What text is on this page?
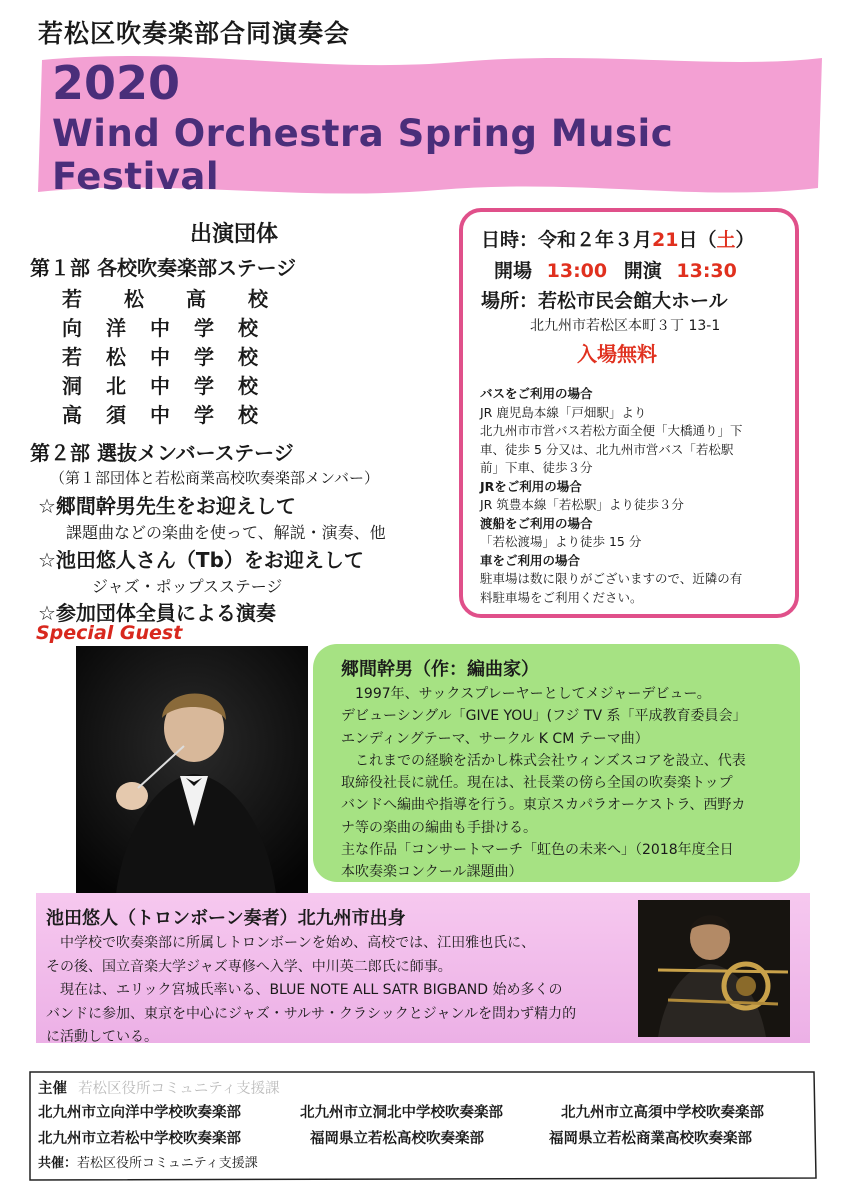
若松区吹奏楽部合同演奏会
2020
Wind Orchestra Spring Music Festival
出演団体
第１部 各校吹奏楽部ステージ
若松高校
向洋中学校
若松中学校
洞北中学校
高須中学校
第２部 選抜メンバーステージ
（第１部団体と若松商業高校吹奏楽部メンバー）
☆郷間幹男先生をお迎えして
課題曲などの楽曲を使って、解説・演奏、他
☆池田悠人さん（Tb）をお迎えして
ジャズ・ポップスステージ
☆参加団体全員による演奏
日時：令和２年３月21日（土）
開場 13:00 開演 13:30
場所：若松市民会館大ホール
北九州市若松区本町３丁 13-1
入場無料
バスをご利用の場合
JR 鹿児島本線「戸畑駅」より
北九州市市営バス若松方面全便「大橋通り」下
車、徒歩 5 分又は、北九州市営バス「若松駅
前」下車、徒歩３分
JRをご利用の場合
JR 筑豊本線「若松駅」より徒歩３分
渡船をご利用の場合
「若松渡場」より徒歩 15 分
車をご利用の場合
駐車場は数に限りがございますので、近隣の有
料駐車場をご利用ください。
Special Guest
郷間幹男（作：編曲家）
　1997年、サックスプレーヤーとしてメジャーデビュー。
デビューシングル「GIVE YOU」(フジ TV 系「平成教育委員会」
エンディングテーマ、サークル K CM テーマ曲）
　これまでの経験を活かし株式会社ウィンズスコアを設立、代表
取締役社長に就任。現在は、社長業の傍ら全国の吹奏楽トップ
バンドへ編曲や指導を行う。東京スカパラオーケストラ、西野カ
ナ等の楽曲の編曲も手掛ける。
主な作品「コンサートマーチ「虹色の未来へ」（2018年度全日
本吹奏楽コンクール課題曲）
池田悠人（トロンボーン奏者）北九州市出身
　中学校で吹奏楽部に所属しトロンボーンを始め、高校では、江田雅也氏に、
その後、国立音楽大学ジャズ専修へ入学、中川英二郎氏に師事。
　現在は、エリック宮城氏率いる、BLUE NOTE ALL SATR BIGBAND 始め多くの
バンドに参加、東京を中心にジャズ・サルサ・クラシックとジャンルを問わず精力的
に活動している。
主催 若松区役所コミュニティ支援課
北九州市立向洋中学校吹奏楽部	北九州市立洞北中学校吹奏楽部	北九州市立高須中学校吹奏楽部
北九州市立若松中学校吹奏楽部	福岡県立若松高校吹奏楽部	福岡県立若松商業高校吹奏楽部
共催：若松区役所コミュニティ支援課
